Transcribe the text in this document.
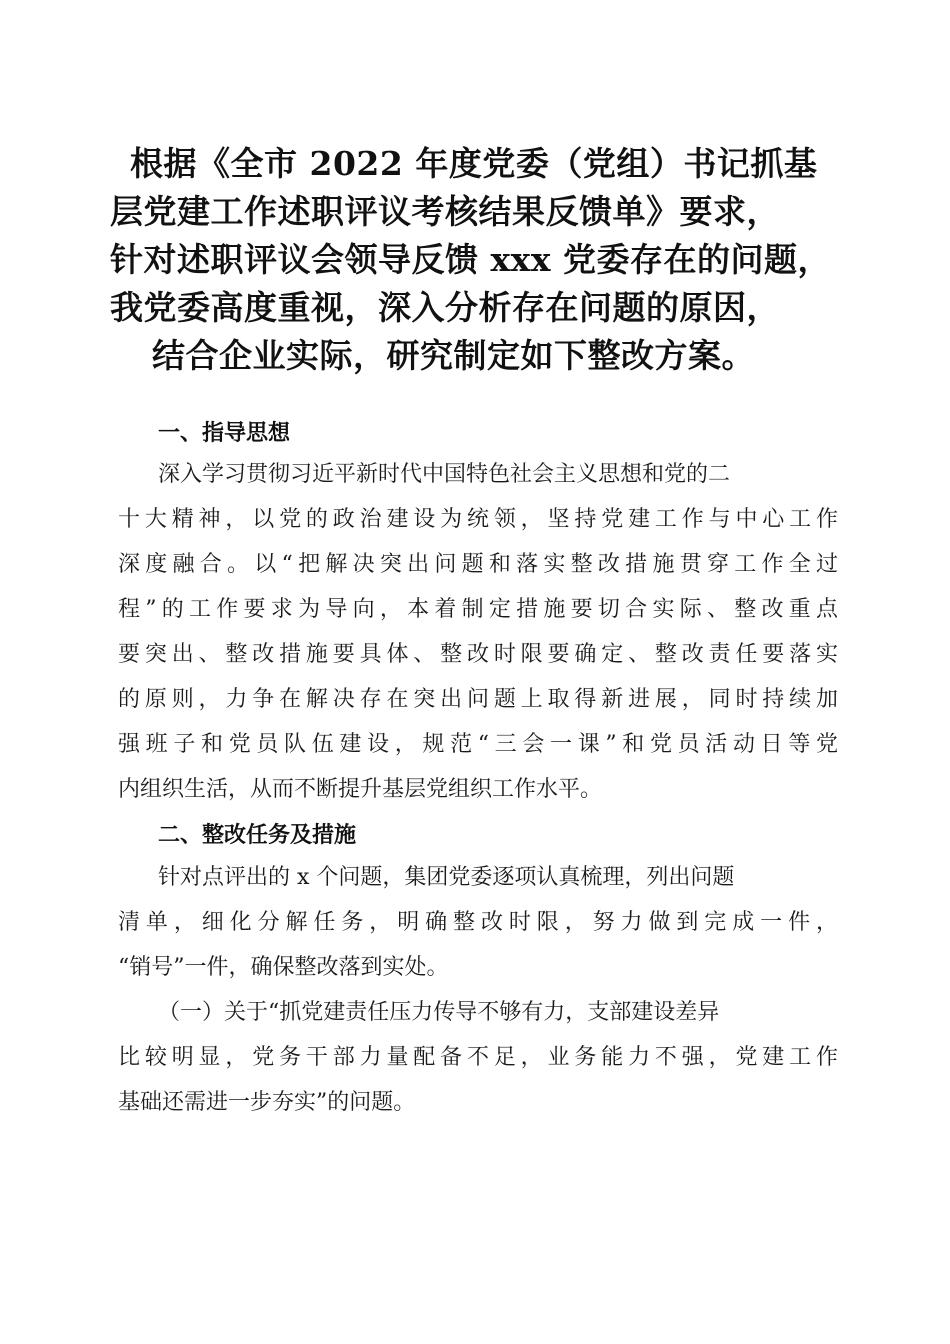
根据《全市 2022 年度党委（党组）书记抓基
层党建工作述职评议考核结果反馈单》要求，
针对述职评议会领导反馈 xxx 党委存在的问题，
我党委高度重视，深入分析存在问题的原因，
结合企业实际，研究制定如下整改方案。
一、指导思想
深入学习贯彻习近平新时代中国特色社会主义思想和党的二
十大精神，以党的政治建设为统领，坚持党建工作与中心工作
深度融合。以“把解决突出问题和落实整改措施贯穿工作全过
程”的工作要求为导向，本着制定措施要切合实际、整改重点
要突出、整改措施要具体、整改时限要确定、整改责任要落实
的原则，力争在解决存在突出问题上取得新进展，同时持续加
强班子和党员队伍建设，规范“三会一课”和党员活动日等党
内组织生活，从而不断提升基层党组织工作水平。
二、整改任务及措施
针对点评出的 x 个问题，集团党委逐项认真梳理，列出问题
清单，细化分解任务，明确整改时限，努力做到完成一件，
“销号”一件，确保整改落到实处。
（一）关于“抓党建责任压力传导不够有力，支部建设差异
比较明显，党务干部力量配备不足，业务能力不强，党建工作
基础还需进一步夯实”的问题。
